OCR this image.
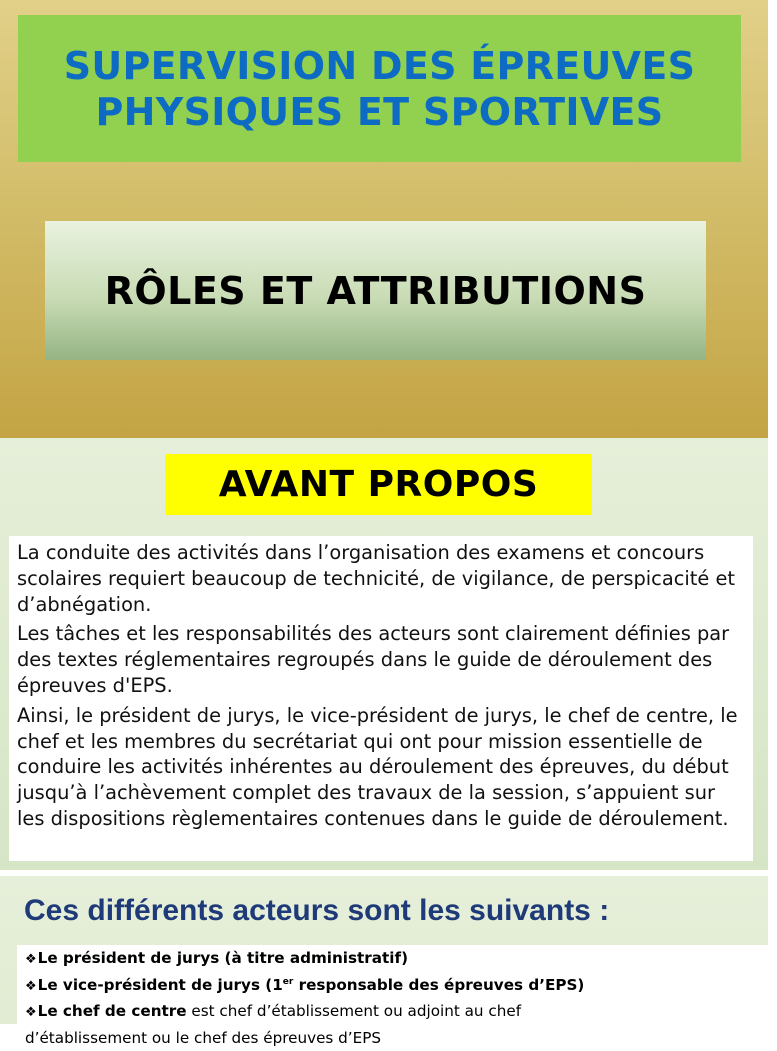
SUPERVISION DES ÉPREUVES
PHYSIQUES ET SPORTIVES
RÔLES ET ATTRIBUTIONS
AVANT PROPOS

La conduite des activités dans l’organisation des examens et concours scolaires requiert beaucoup de technicité, de vigilance, de perspicacité et d’abnégation.

Les tâches et les responsabilités des acteurs sont clairement définies par des textes réglementaires regroupés dans le guide de déroulement des épreuves d'EPS.

Ainsi, le président de jurys, le vice-président de jurys, le chef de centre, le chef et les membres du secrétariat qui ont pour mission essentielle de conduire les activités inhérentes au déroulement des épreuves, du début jusqu’à l’achèvement complet des travaux de la session, s’appuient sur les dispositions règlementaires contenues dans le guide de déroulement.

Ces différents acteurs sont les suivants :
❖Le président de jurys (à titre administratif)
❖Le vice-président de jurys (1er responsable des épreuves d’EPS)
❖Le chef de centre est chef d’établissement ou adjoint au chef
d’établissement ou le chef des épreuves d’EPS
